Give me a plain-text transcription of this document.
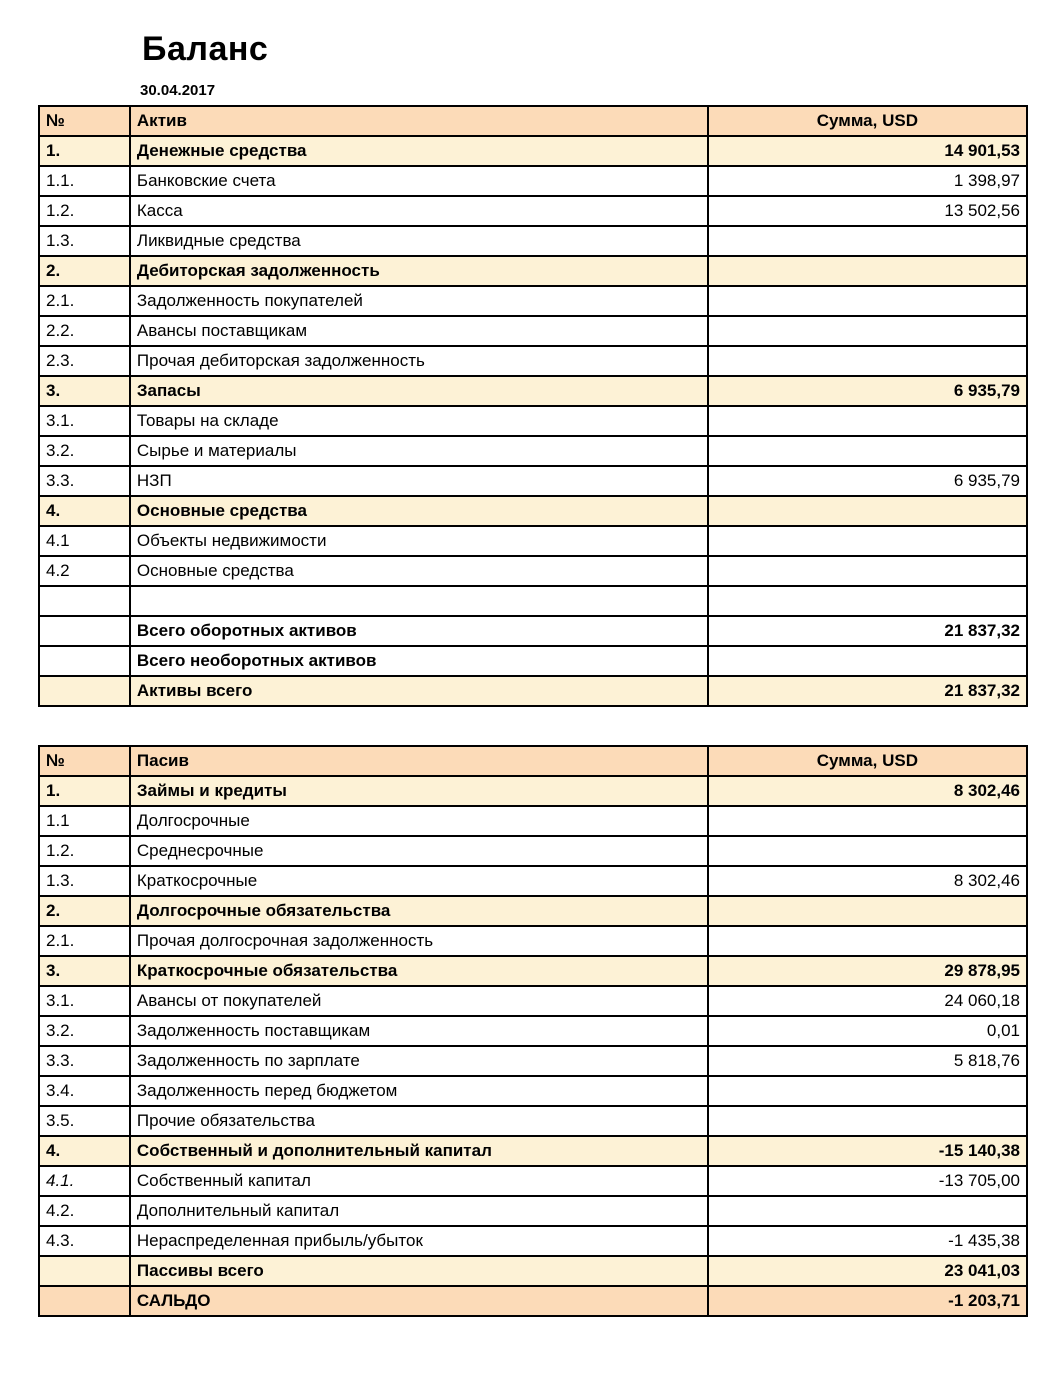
Баланс
30.04.2017
№	Актив	Сумма, USD
1.	Денежные средства	14 901,53
1.1.	Банковские счета	1 398,97
1.2.	Касса	13 502,56
1.3.	Ликвидные средства	
2.	Дебиторская задолженность	
2.1.	Задолженность покупателей	
2.2.	Авансы поставщикам	
2.3.	Прочая дебиторская задолженность	
3.	Запасы	6 935,79
3.1.	Товары на складе	
3.2.	Сырье и материалы	
3.3.	НЗП	6 935,79
4.	Основные средства	
4.1	Объекты недвижимости	
4.2	Основные средства	

	Всего оборотных активов	21 837,32
	Всего необоротных активов	
	Активы всего	21 837,32
№	Пасив	Сумма, USD
1.	Займы и кредиты	8 302,46
1.1	Долгосрочные	
1.2.	Среднесрочные	
1.3.	Краткосрочные	8 302,46
2.	Долгосрочные обязательства	
2.1.	Прочая долгосрочная задолженность	
3.	Краткосрочные обязательства	29 878,95
3.1.	Авансы от покупателей	24 060,18
3.2.	Задолженность поставщикам	0,01
3.3.	Задолженность по зарплате	5 818,76
3.4.	Задолженность перед бюджетом	
3.5.	Прочие обязательства	
4.	Собственный и дополнительный капитал	-15 140,38
4.1.	Собственный капитал	-13 705,00
4.2.	Дополнительный капитал	
4.3.	Нераспределенная прибыль/убыток	-1 435,38
	Пассивы всего	23 041,03
	САЛЬДО	-1 203,71
